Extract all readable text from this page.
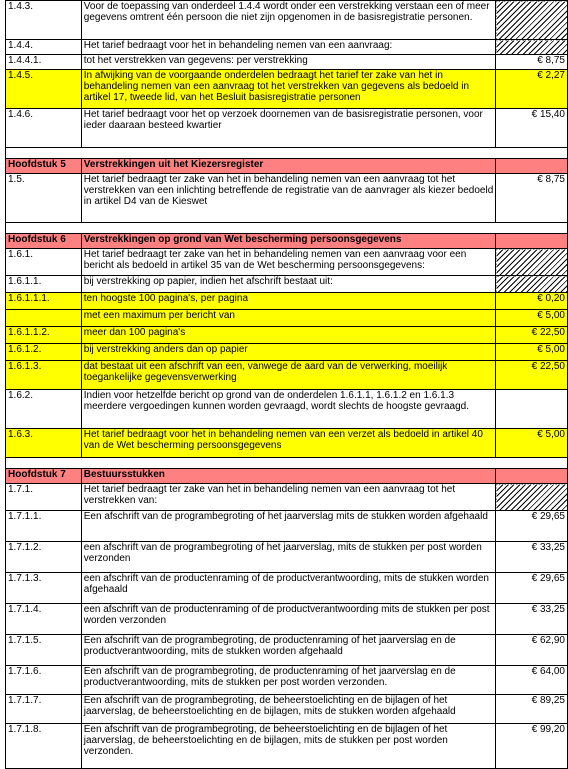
1.4.3.	Voor de toepassing van onderdeel 1.4.4 wordt onder een verstrekking verstaan een of meer gegevens omtrent één persoon die niet zijn opgenomen in de basisregistratie personen.	
1.4.4.	Het tarief bedraagt voor het in behandeling nemen van een aanvraag:	
1.4.4.1.	tot het verstrekken van gegevens: per verstrekking	€ 8,75
1.4.5.	In afwijking van de voorgaande onderdelen bedraagt het tarief ter zake van het in behandeling nemen van een aanvraag tot het verstrekken van gegevens als bedoeld in artikel 17, tweede lid, van het Besluit basisregistratie personen	€ 2,27
1.4.6.	Het tarief bedraagt voor het op verzoek doornemen van de basisregistratie personen, voor ieder daaraan besteed kwartier	€ 15,40

Hoofdstuk 5	Verstrekkingen uit het Kiezersregister	
1.5.	Het tarief bedraagt ter zake van het in behandeling nemen van een aanvraag tot het verstrekken van een inlichting betreffende de registratie van de aanvrager als kiezer bedoeld in artikel D4 van de Kieswet	€ 8,75

Hoofdstuk 6	Verstrekkingen op grond van Wet bescherming persoonsgegevens	
1.6.1.	Het tarief bedraagt ter zake van het in behandeling nemen van een aanvraag voor een bericht als bedoeld in artikel 35 van de Wet bescherming persoonsgegevens:	
1.6.1.1.	bij verstrekking op papier, indien het afschrift bestaat uit:	
1.6.1.1.1.	ten hoogste 100 pagina's, per pagina	€ 0,20
	met een maximum per bericht van	€ 5,00
1.6.1.1.2.	meer dan 100 pagina's	€ 22,50
1.6.1.2.	bij verstrekking anders dan op papier	€ 5,00
1.6.1.3.	dat bestaat uit een afschrift van een, vanwege de aard van de verwerking, moeilijk toegankelijke gegevensverwerking	€ 22,50
1.6.2.	Indien voor hetzelfde bericht op grond van de onderdelen 1.6.1.1, 1.6.1.2 en 1.6.1.3 meerdere vergoedingen kunnen worden gevraagd, wordt slechts de hoogste gevraagd.	
1.6.3.	Het tarief bedraagt voor het in behandeling nemen van een verzet als bedoeld in artikel 40 van de Wet bescherming persoonsgegevens	€ 5,00

Hoofdstuk 7	Bestuursstukken	
1.7.1.	Het tarief bedraagt ter zake van het in behandeling nemen van een aanvraag tot het verstrekken van:	
1.7.1.1.	Een afschrift van de programbegroting of het jaarverslag mits de stukken worden afgehaald	€ 29,65
1.7.1.2.	een afschrift van de programbegroting of het jaarverslag, mits de stukken per post worden verzonden	€ 33,25
1.7.1.3.	een afschrift van de productenraming of de productverantwoording, mits de stukken worden afgehaald	€ 29,65
1.7.1.4.	een afschrift van de productenraming of de productverantwoording mits de stukken per post worden verzonden	€ 33,25
1.7.1.5.	Een afschrift van de programbegroting, de productenraming of het jaarverslag en de productverantwoording, mits de stukken worden afgehaald	€ 62,90
1.7.1.6.	Een afschrift van de programbegroting, de productenraming of het jaarverslag en de productverantwoording, mits de stukken per post worden verzonden.	€ 64,00
1.7.1.7.	Een afschrift van de programbegroting, de beheerstoelichting en de bijlagen of het jaarverslag, de beheerstoelichting en de bijlagen, mits de stukken worden afgehaald	€ 89,25
1.7.1.8.	Een afschrift van de programbegroting, de beheerstoelichting en de bijlagen of het jaarverslag, de beheerstoelichting en de bijlagen, mits de stukken per post worden verzonden.	€ 99,20
